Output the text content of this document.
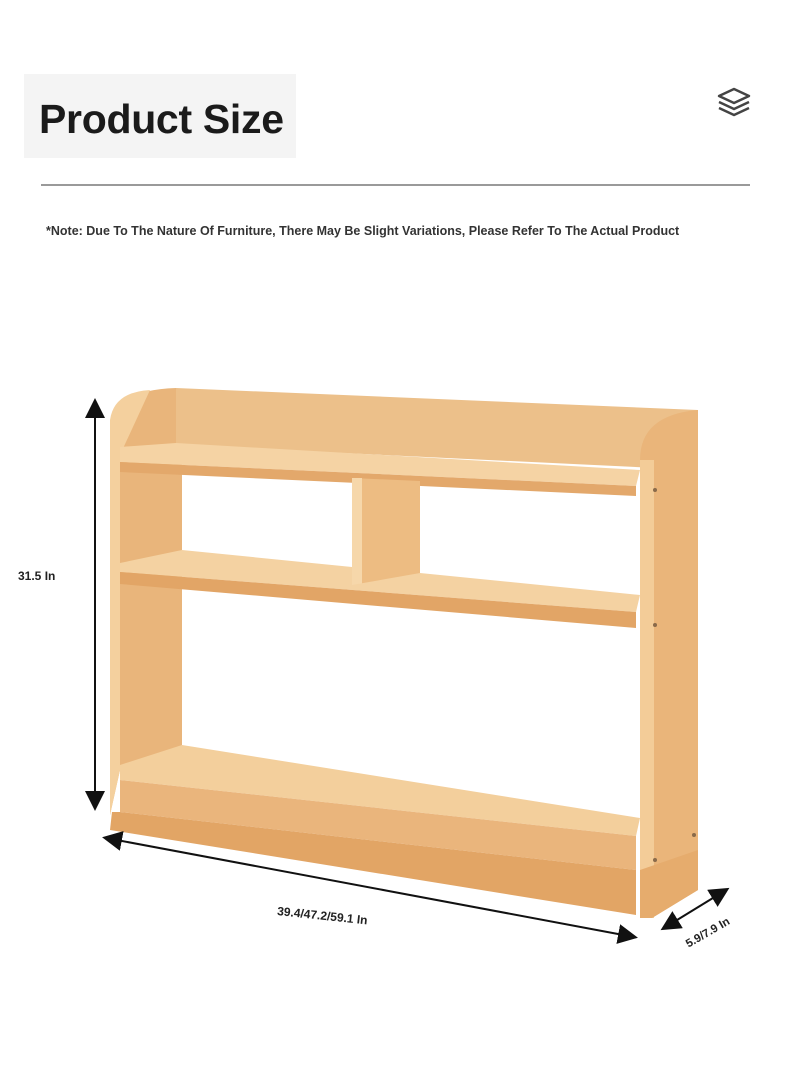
Product Size
*Note: Due To The Nature Of Furniture, There May Be Slight Variations, Please Refer To The Actual Product
31.5 In
39.4/47.2/59.1 In	5.9/7.9 In
